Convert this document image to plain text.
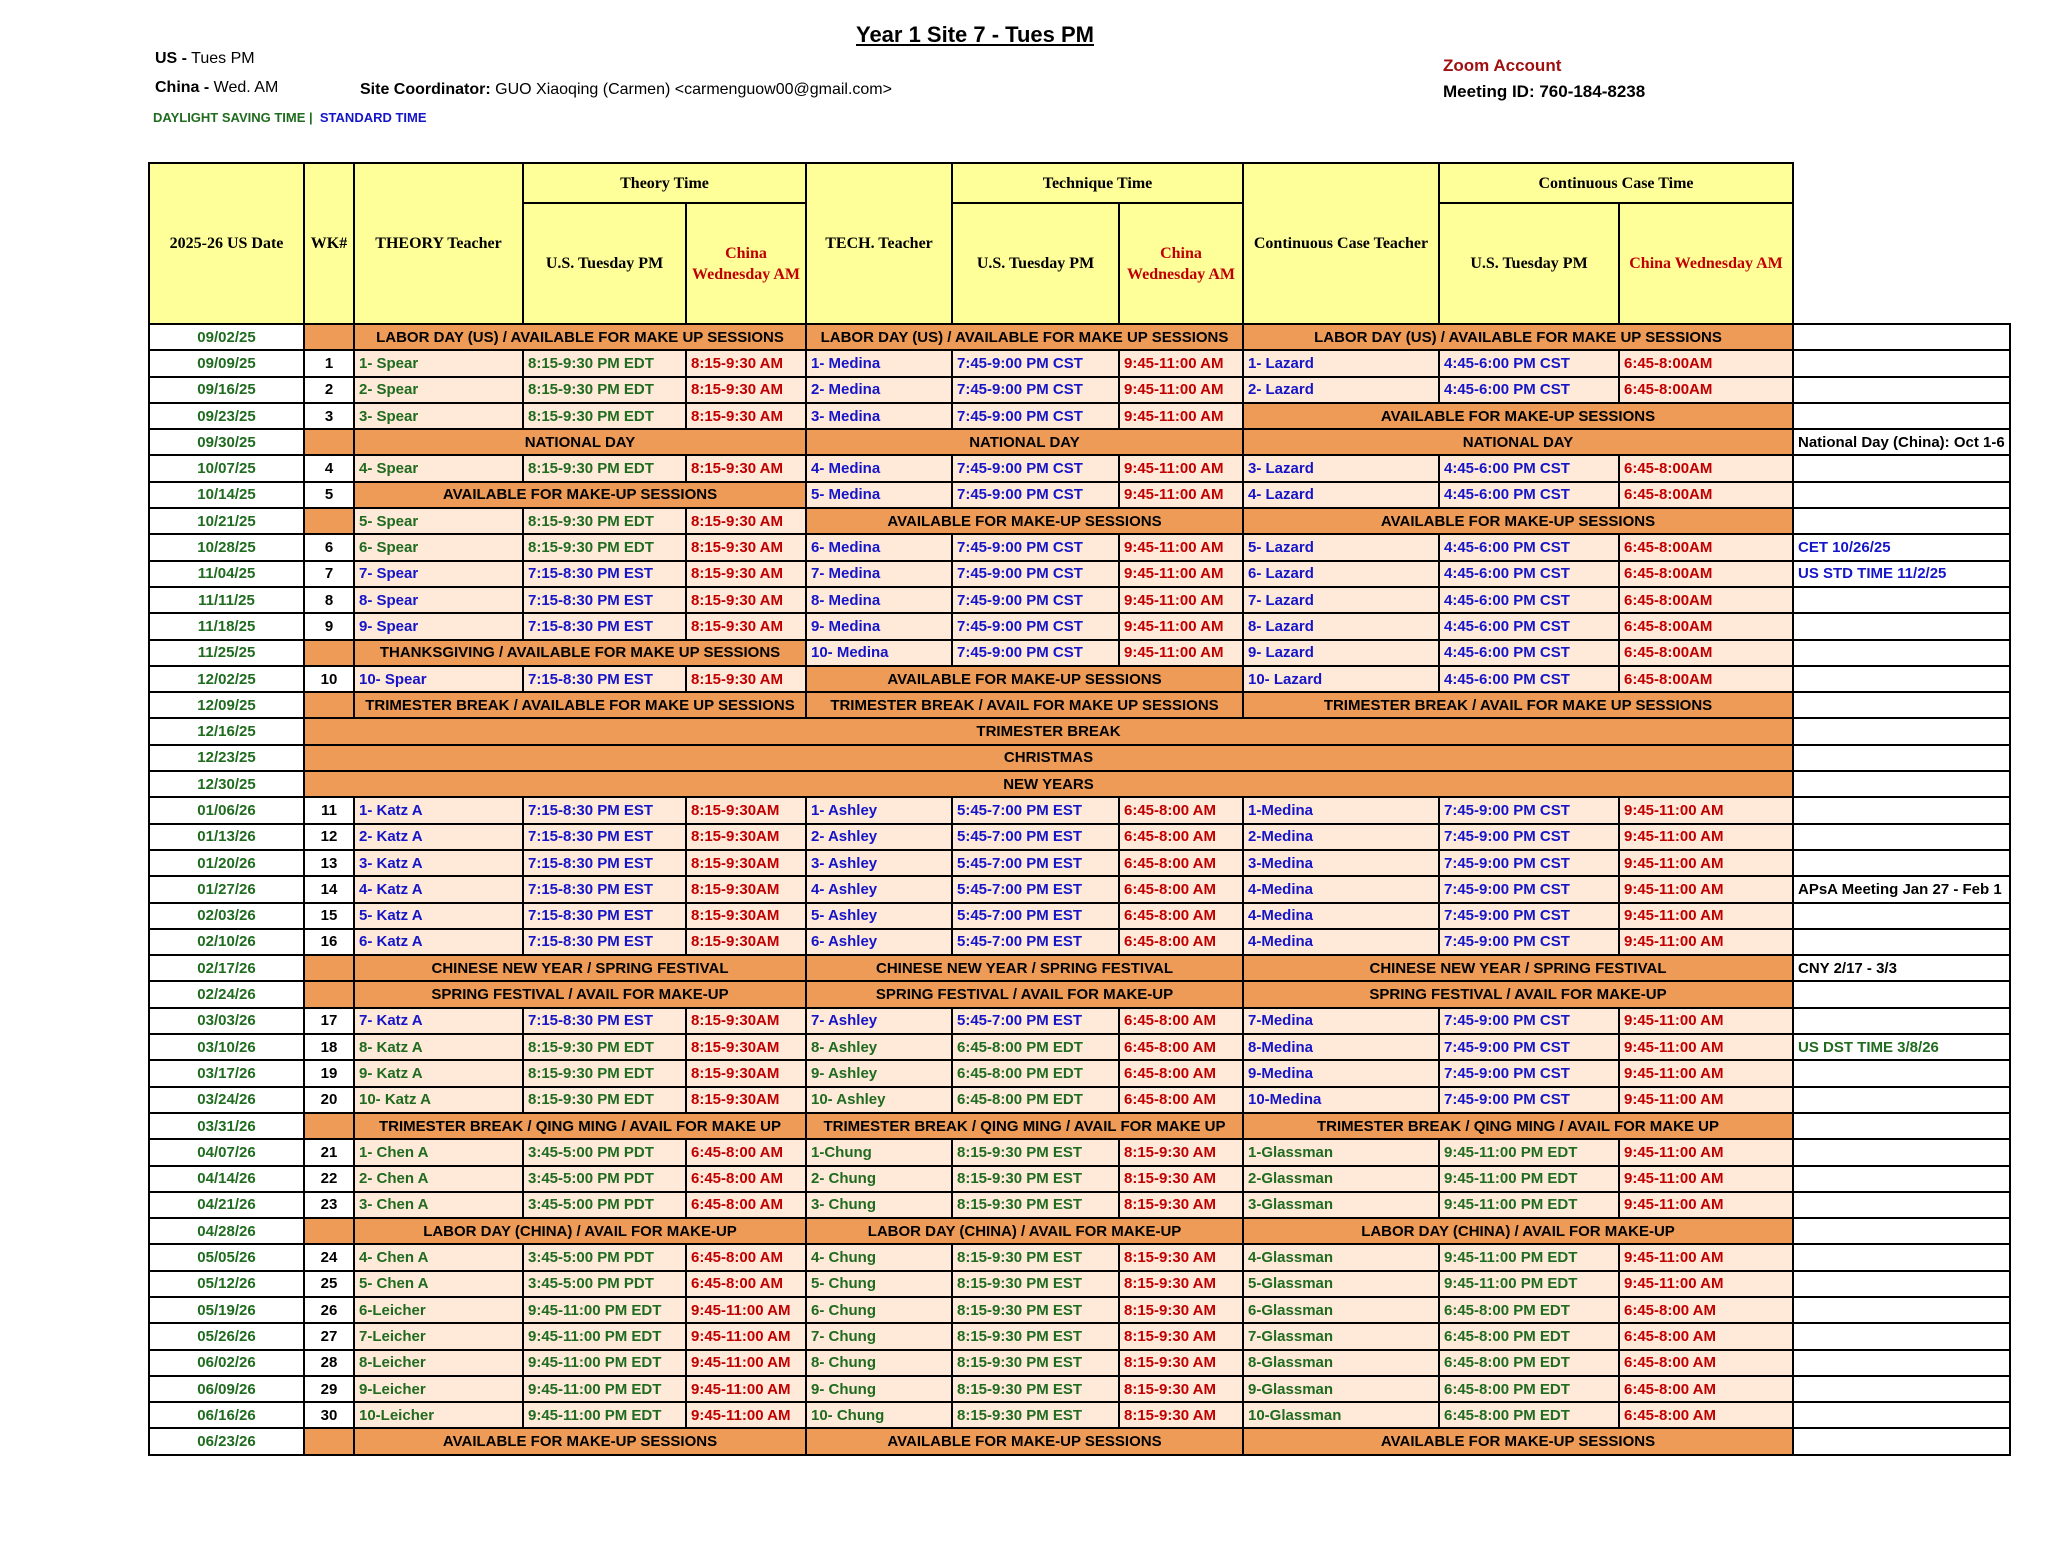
Year 1 Site 7 - Tues PM
US - Tues PM
China - Wed. AM	Site Coordinator: GUO Xiaoqing (Carmen) <carmenguow00@gmail.com>
DAYLIGHT SAVING TIME | STANDARD TIME
Zoom Account
Meeting ID: 760-184-8238
2025-26 US Date	WK#	THEORY Teacher	Theory Time		TECH. Teacher	Technique Time		Continuous Case Teacher	Continuous Case Time		
			U.S. Tuesday PM	China Wednesday AM		U.S. Tuesday PM	China Wednesday AM		U.S. Tuesday PM	China Wednesday AM	
09/02/25		LABOR DAY (US) / AVAILABLE FOR MAKE UP SESSIONS			LABOR DAY (US) / AVAILABLE FOR MAKE UP SESSIONS			LABOR DAY (US) / AVAILABLE FOR MAKE UP SESSIONS			
09/09/25	1	1- Spear	8:15-9:30 PM EDT	8:15-9:30 AM	1- Medina	7:45-9:00 PM CST	9:45-11:00 AM	1- Lazard	4:45-6:00 PM CST	6:45-8:00AM	
09/16/25	2	2- Spear	8:15-9:30 PM EDT	8:15-9:30 AM	2- Medina	7:45-9:00 PM CST	9:45-11:00 AM	2- Lazard	4:45-6:00 PM CST	6:45-8:00AM	
09/23/25	3	3- Spear	8:15-9:30 PM EDT	8:15-9:30 AM	3- Medina	7:45-9:00 PM CST	9:45-11:00 AM	AVAILABLE FOR MAKE-UP SESSIONS			
09/30/25		NATIONAL DAY			NATIONAL DAY			NATIONAL DAY			National Day (China): Oct 1-6
10/07/25	4	4- Spear	8:15-9:30 PM EDT	8:15-9:30 AM	4- Medina	7:45-9:00 PM CST	9:45-11:00 AM	3- Lazard	4:45-6:00 PM CST	6:45-8:00AM	
10/14/25	5	AVAILABLE FOR MAKE-UP SESSIONS			5- Medina	7:45-9:00 PM CST	9:45-11:00 AM	4- Lazard	4:45-6:00 PM CST	6:45-8:00AM	
10/21/25		5- Spear	8:15-9:30 PM EDT	8:15-9:30 AM	AVAILABLE FOR MAKE-UP SESSIONS			AVAILABLE FOR MAKE-UP SESSIONS			
10/28/25	6	6- Spear	8:15-9:30 PM EDT	8:15-9:30 AM	6- Medina	7:45-9:00 PM CST	9:45-11:00 AM	5- Lazard	4:45-6:00 PM CST	6:45-8:00AM	CET 10/26/25
11/04/25	7	7- Spear	7:15-8:30 PM EST	8:15-9:30 AM	7- Medina	7:45-9:00 PM CST	9:45-11:00 AM	6- Lazard	4:45-6:00 PM CST	6:45-8:00AM	US STD TIME 11/2/25
11/11/25	8	8- Spear	7:15-8:30 PM EST	8:15-9:30 AM	8- Medina	7:45-9:00 PM CST	9:45-11:00 AM	7- Lazard	4:45-6:00 PM CST	6:45-8:00AM	
11/18/25	9	9- Spear	7:15-8:30 PM EST	8:15-9:30 AM	9- Medina	7:45-9:00 PM CST	9:45-11:00 AM	8- Lazard	4:45-6:00 PM CST	6:45-8:00AM	
11/25/25		THANKSGIVING / AVAILABLE FOR MAKE UP SESSIONS			10- Medina	7:45-9:00 PM CST	9:45-11:00 AM	9- Lazard	4:45-6:00 PM CST	6:45-8:00AM	
12/02/25	10	10- Spear	7:15-8:30 PM EST	8:15-9:30 AM	AVAILABLE FOR MAKE-UP SESSIONS			10- Lazard	4:45-6:00 PM CST	6:45-8:00AM	
12/09/25		TRIMESTER BREAK / AVAILABLE FOR MAKE UP SESSIONS			TRIMESTER BREAK / AVAIL FOR MAKE UP SESSIONS			TRIMESTER BREAK / AVAIL FOR MAKE UP SESSIONS			
12/16/25	TRIMESTER BREAK										
12/23/25	CHRISTMAS										
12/30/25	NEW YEARS										
01/06/26	11	1- Katz A	7:15-8:30 PM EST	8:15-9:30AM	1- Ashley	5:45-7:00 PM EST	6:45-8:00 AM	1-Medina	7:45-9:00 PM CST	9:45-11:00 AM	
01/13/26	12	2- Katz A	7:15-8:30 PM EST	8:15-9:30AM	2- Ashley	5:45-7:00 PM EST	6:45-8:00 AM	2-Medina	7:45-9:00 PM CST	9:45-11:00 AM	
01/20/26	13	3- Katz A	7:15-8:30 PM EST	8:15-9:30AM	3- Ashley	5:45-7:00 PM EST	6:45-8:00 AM	3-Medina	7:45-9:00 PM CST	9:45-11:00 AM	
01/27/26	14	4- Katz A	7:15-8:30 PM EST	8:15-9:30AM	4- Ashley	5:45-7:00 PM EST	6:45-8:00 AM	4-Medina	7:45-9:00 PM CST	9:45-11:00 AM	APsA Meeting Jan 27 - Feb 1
02/03/26	15	5- Katz A	7:15-8:30 PM EST	8:15-9:30AM	5- Ashley	5:45-7:00 PM EST	6:45-8:00 AM	4-Medina	7:45-9:00 PM CST	9:45-11:00 AM	
02/10/26	16	6- Katz A	7:15-8:30 PM EST	8:15-9:30AM	6- Ashley	5:45-7:00 PM EST	6:45-8:00 AM	4-Medina	7:45-9:00 PM CST	9:45-11:00 AM	
02/17/26		CHINESE NEW YEAR / SPRING FESTIVAL			CHINESE NEW YEAR / SPRING FESTIVAL			CHINESE NEW YEAR / SPRING FESTIVAL			CNY 2/17 - 3/3
02/24/26		SPRING FESTIVAL / AVAIL FOR MAKE-UP			SPRING FESTIVAL / AVAIL FOR MAKE-UP			SPRING FESTIVAL / AVAIL FOR MAKE-UP			
03/03/26	17	7- Katz A	7:15-8:30 PM EST	8:15-9:30AM	7- Ashley	5:45-7:00 PM EST	6:45-8:00 AM	7-Medina	7:45-9:00 PM CST	9:45-11:00 AM	
03/10/26	18	8- Katz A	8:15-9:30 PM EDT	8:15-9:30AM	8- Ashley	6:45-8:00 PM EDT	6:45-8:00 AM	8-Medina	7:45-9:00 PM CST	9:45-11:00 AM	US DST TIME 3/8/26
03/17/26	19	9- Katz A	8:15-9:30 PM EDT	8:15-9:30AM	9- Ashley	6:45-8:00 PM EDT	6:45-8:00 AM	9-Medina	7:45-9:00 PM CST	9:45-11:00 AM	
03/24/26	20	10- Katz A	8:15-9:30 PM EDT	8:15-9:30AM	10- Ashley	6:45-8:00 PM EDT	6:45-8:00 AM	10-Medina	7:45-9:00 PM CST	9:45-11:00 AM	
03/31/26		TRIMESTER BREAK / QING MING / AVAIL FOR MAKE UP			TRIMESTER BREAK / QING MING / AVAIL FOR MAKE UP			TRIMESTER BREAK / QING MING / AVAIL FOR MAKE UP			
04/07/26	21	1- Chen A	3:45-5:00 PM PDT	6:45-8:00 AM	1-Chung	8:15-9:30 PM EST	8:15-9:30 AM	1-Glassman	9:45-11:00 PM EDT	9:45-11:00 AM	
04/14/26	22	2- Chen A	3:45-5:00 PM PDT	6:45-8:00 AM	2- Chung	8:15-9:30 PM EST	8:15-9:30 AM	2-Glassman	9:45-11:00 PM EDT	9:45-11:00 AM	
04/21/26	23	3- Chen A	3:45-5:00 PM PDT	6:45-8:00 AM	3- Chung	8:15-9:30 PM EST	8:15-9:30 AM	3-Glassman	9:45-11:00 PM EDT	9:45-11:00 AM	
04/28/26		LABOR DAY (CHINA) / AVAIL FOR MAKE-UP			LABOR DAY (CHINA) / AVAIL FOR MAKE-UP			LABOR DAY (CHINA) / AVAIL FOR MAKE-UP			
05/05/26	24	4- Chen A	3:45-5:00 PM PDT	6:45-8:00 AM	4- Chung	8:15-9:30 PM EST	8:15-9:30 AM	4-Glassman	9:45-11:00 PM EDT	9:45-11:00 AM	
05/12/26	25	5- Chen A	3:45-5:00 PM PDT	6:45-8:00 AM	5- Chung	8:15-9:30 PM EST	8:15-9:30 AM	5-Glassman	9:45-11:00 PM EDT	9:45-11:00 AM	
05/19/26	26	6-Leicher	9:45-11:00 PM EDT	9:45-11:00 AM	6- Chung	8:15-9:30 PM EST	8:15-9:30 AM	6-Glassman	6:45-8:00 PM EDT	6:45-8:00 AM	
05/26/26	27	7-Leicher	9:45-11:00 PM EDT	9:45-11:00 AM	7- Chung	8:15-9:30 PM EST	8:15-9:30 AM	7-Glassman	6:45-8:00 PM EDT	6:45-8:00 AM	
06/02/26	28	8-Leicher	9:45-11:00 PM EDT	9:45-11:00 AM	8- Chung	8:15-9:30 PM EST	8:15-9:30 AM	8-Glassman	6:45-8:00 PM EDT	6:45-8:00 AM	
06/09/26	29	9-Leicher	9:45-11:00 PM EDT	9:45-11:00 AM	9- Chung	8:15-9:30 PM EST	8:15-9:30 AM	9-Glassman	6:45-8:00 PM EDT	6:45-8:00 AM	
06/16/26	30	10-Leicher	9:45-11:00 PM EDT	9:45-11:00 AM	10- Chung	8:15-9:30 PM EST	8:15-9:30 AM	10-Glassman	6:45-8:00 PM EDT	6:45-8:00 AM	
06/23/26		AVAILABLE FOR MAKE-UP SESSIONS			AVAILABLE FOR MAKE-UP SESSIONS			AVAILABLE FOR MAKE-UP SESSIONS			
